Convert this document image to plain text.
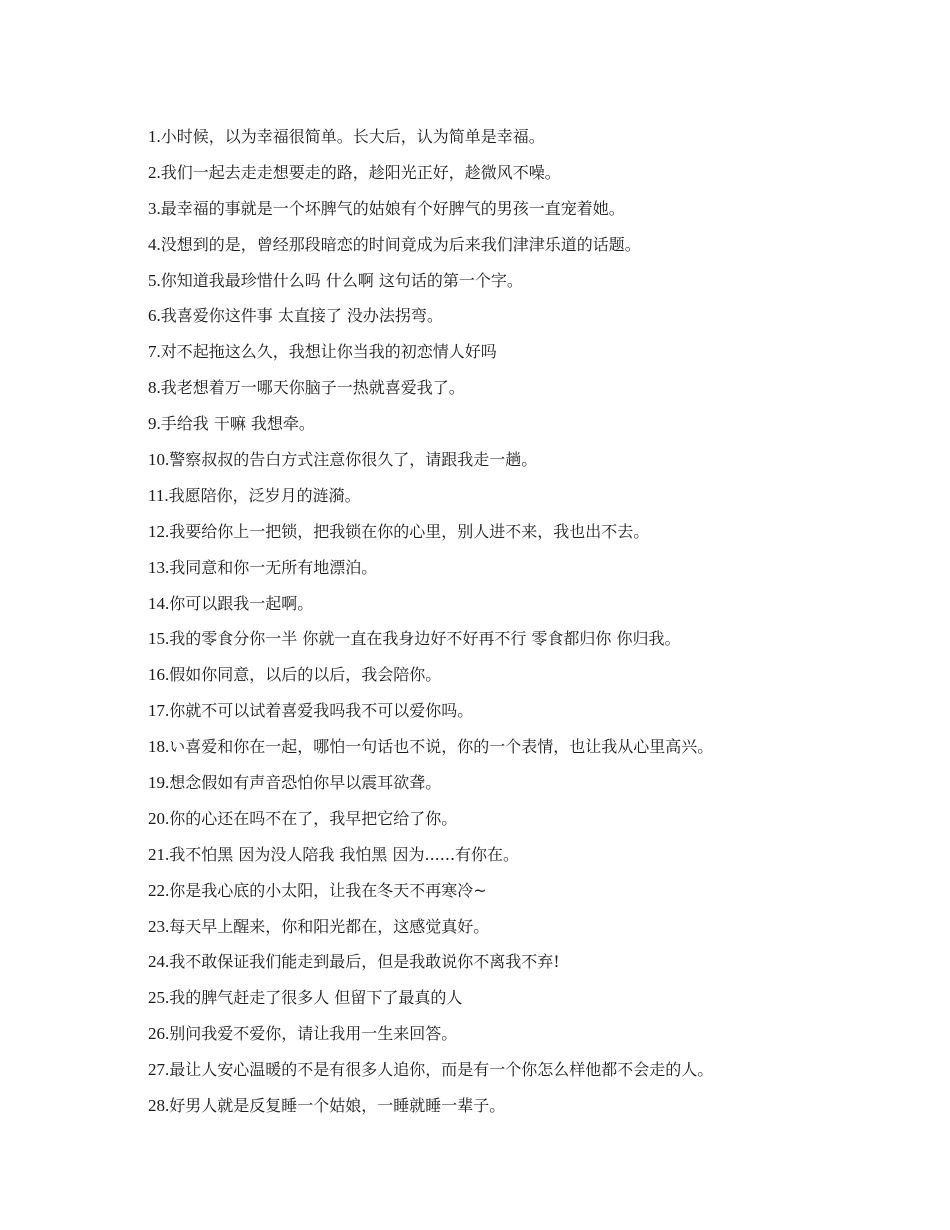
1.小时候，以为幸福很简单。长大后，认为简单是幸福。
2.我们一起去走走想要走的路，趁阳光正好，趁微风不噪。
3.最幸福的事就是一个坏脾气的姑娘有个好脾气的男孩一直宠着她。
4.没想到的是，曾经那段暗恋的时间竟成为后来我们津津乐道的话题。
5.你知道我最珍惜什么吗 什么啊 这句话的第一个字。
6.我喜爱你这件事 太直接了 没办法拐弯。
7.对不起拖这么久，我想让你当我的初恋情人好吗
8.我老想着万一哪天你脑子一热就喜爱我了。
9.手给我 干嘛 我想牵。
10.警察叔叔的告白方式注意你很久了，请跟我走一趟。
11.我愿陪你，泛岁月的涟漪。
12.我要给你上一把锁，把我锁在你的心里，别人进不来，我也出不去。
13.我同意和你一无所有地漂泊。
14.你可以跟我一起啊。
15.我的零食分你一半 你就一直在我身边好不好再不行 零食都归你 你归我。
16.假如你同意，以后的以后，我会陪你。
17.你就不可以试着喜爱我吗我不可以爱你吗。
18.い喜爱和你在一起，哪怕一句话也不说，你的一个表情，也让我从心里高兴。
19.想念假如有声音恐怕你早以震耳欲聋。
20.你的心还在吗不在了，我早把它给了你。
21.我不怕黑 因为没人陪我 我怕黑 因为......有你在。
22.你是我心底的小太阳，让我在冬天不再寒冷~
23.每天早上醒来，你和阳光都在，这感觉真好。
24.我不敢保证我们能走到最后，但是我敢说你不离我不弃!
25.我的脾气赶走了很多人 但留下了最真的人
26.别问我爱不爱你，请让我用一生来回答。
27.最让人安心温暖的不是有很多人追你，而是有一个你怎么样他都不会走的人。
28.好男人就是反复睡一个姑娘，一睡就睡一辈子。
